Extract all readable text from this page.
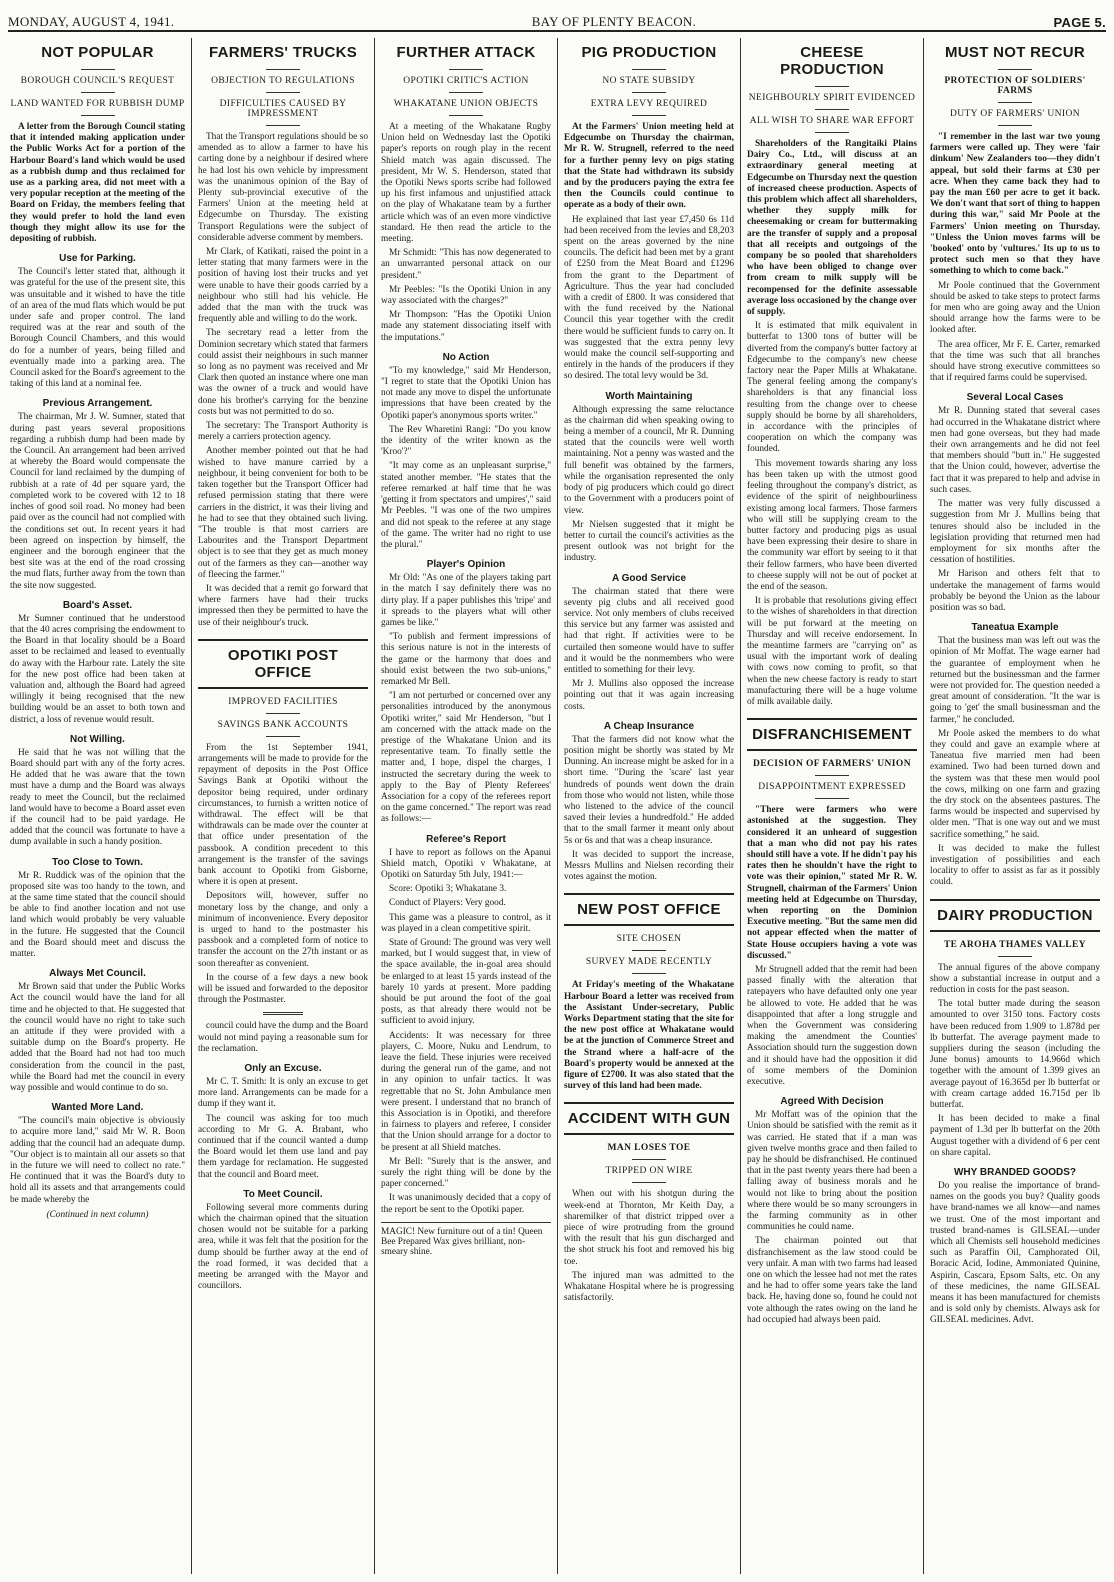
MONDAY, AUGUST 4, 1941.	BAY OF PLENTY BEACON.	PAGE 5.
NOT POPULAR
BOROUGH COUNCIL'S REQUEST
LAND WANTED FOR RUBBISH DUMP

A letter from the Borough Council stating that it intended making application under the Public Works Act for a portion of the Harbour Board's land which would be used as a rubbish dump and thus reclaimed for use as a parking area, did not meet with a very popular reception at the meeting of the Board on Friday, the members feeling that they would prefer to hold the land even though they might allow its use for the depositing of rubbish.

Use for Parking.

The Council's letter stated that, although it was grateful for the use of the present site, this was unsuitable and it wished to have the title of an area of the mud flats which would be put under safe and proper control. The land required was at the rear and south of the Borough Council Chambers, and this would do for a number of years, being filled and eventually made into a parking area. The Council asked for the Board's agreement to the taking of this land at a nominal fee.

Previous Arrangement.

The chairman, Mr J. W. Sumner, stated that during past years several propositions regarding a rubbish dump had been made by the Council. An arrangement had been arrived at whereby the Board would compensate the Council for land reclaimed by the dumping of rubbish at a rate of 4d per square yard, the completed work to be covered with 12 to 18 inches of good soil road. No money had been paid over as the council had not complied with the conditions set out. In recent years it had been agreed on inspection by himself, the engineer and the borough engineer that the best site was at the end of the road crossing the mud flats, further away from the town than the site now suggested.

Board's Asset.

Mr Sumner continued that he understood that the 40 acres comprising the endowment to the Board in that locality should be a Board asset to be reclaimed and leased to eventually do away with the Harbour rate. Lately the site for the new post office had been taken at valuation and, although the Board had agreed willingly it being recognised that the new building would be an asset to both town and district, a loss of revenue would result.

Not Willing.

He said that he was not willing that the Board should part with any of the forty acres. He added that he was aware that the town must have a dump and the Board was always ready to meet the Council, but the reclaimed land would have to become a Board asset even if the council had to be paid yardage. He added that the council was fortunate to have a dump available in such a handy position.

Too Close to Town.

Mr R. Ruddick was of the opinion that the proposed site was too handy to the town, and at the same time stated that the council should be able to find another location and not use land which would probably be very valuable in the future. He suggested that the Council and the Board should meet and discuss the matter.

Always Met Council.

Mr Brown said that under the Public Works Act the council would have the land for all time and he objected to that. He suggested that the council would have no right to take such an attitude if they were provided with a suitable dump on the Board's property. He added that the Board had not had too much consideration from the council in the past, while the Board had met the council in every way possible and would continue to do so.

Wanted More Land.

"The council's main objective is obviously to acquire more land," said Mr W. R. Boon adding that the council had an adequate dump. "Our object is to maintain all our assets so that in the future we will need to collect no rate." He continued that it was the Board's duty to hold all its assets and that arrangements could be made whereby the

(Continued in next column)
FARMERS' TRUCKS
OBJECTION TO REGULATIONS
DIFFICULTIES CAUSED BY IMPRESSMENT

That the Transport regulations should be so amended as to allow a farmer to have his carting done by a neighbour if desired where he had lost his own vehicle by impressment was the unanimous opinion of the Bay of Plenty sub-provincial executive of the Farmers' Union at the meeting held at Edgecumbe on Thursday. The existing Transport Regulations were the subject of considerable adverse comment by members.

Mr Clark, of Katikati, raised the point in a letter stating that many farmers were in the position of having lost their trucks and yet were unable to have their goods carried by a neighbour who still had his vehicle. He added that the man with the truck was frequently able and willing to do the work.

The secretary read a letter from the Dominion secretary which stated that farmers could assist their neighbours in such manner so long as no payment was received and Mr Clark then quoted an instance where one man was the owner of a truck and would have done his brother's carrying for the benzine costs but was not permitted to do so.

The secretary: The Transport Authority is merely a carriers protection agency.

Another member pointed out that he had wished to have manure carried by a neighbour, it being convenient for both to be taken together but the Transport Officer had refused permission stating that there were carriers in the district, it was their living and he had to see that they obtained such living. "The trouble is that most carriers are Labourites and the Transport Department object is to see that they get as much money out of the farmers as they can—another way of fleecing the farmer."

It was decided that a remit go forward that where farmers have had their trucks impressed then they be permitted to have the use of their neighbour's truck.

OPOTIKI POST OFFICE
IMPROVED FACILITIES
SAVINGS BANK ACCOUNTS

From the 1st September 1941, arrangements will be made to provide for the repayment of deposits in the Post Office Savings Bank at Opotiki without the depositor being required, under ordinary circumstances, to furnish a written notice of withdrawal. The effect will be that withdrawals can be made over the counter at that office under presentation of the passbook. A condition precedent to this arrangement is the transfer of the savings bank account to Opotiki from Gisborne, where it is open at present.

Depositors will, however, suffer no monetary loss by the change, and only a minimum of inconvenience. Every depositor is urged to hand to the postmaster his passbook and a completed form of notice to transfer the account on the 27th instant or as soon thereafter as convenient.

In the course of a few days a new book will be issued and forwarded to the depositor through the Postmaster.

council could have the dump and the Board would not mind paying a reasonable sum for the reclamation.

Only an Excuse.

Mr C. T. Smith: It is only an excuse to get more land. Arrangements can be made for a dump if they want it.

The council was asking for too much according to Mr G. A. Brabant, who continued that if the council wanted a dump the Board would let them use land and pay them yardage for reclamation. He suggested that the council and Board meet.

To Meet Council.

Following several more comments during which the chairman opined that the situation chosen would not be suitable for a parking area, while it was felt that the position for the dump should be further away at the end of the road formed, it was decided that a meeting be arranged with the Mayor and councillors.

FURTHER ATTACK
OPOTIKI CRITIC'S ACTION
WHAKATANE UNION OBJECTS

At a meeting of the Whakatane Rugby Union held on Wednesday last the Opotiki paper's reports on rough play in the recent Shield match was again discussed. The president, Mr W. S. Henderson, stated that the Opotiki News sports scribe had followed up his first infamous and unjustified attack on the play of Whakatane team by a further article which was of an even more vindictive standard. He then read the article to the meeting.

Mr Schmidt: "This has now degenerated to an unwarranted personal attack on our president."

Mr Peebles: "Is the Opotiki Union in any way associated with the charges?"

Mr Thompson: "Has the Opotiki Union made any statement dissociating itself with the imputations."

No Action

"To my knowledge," said Mr Henderson, "I regret to state that the Opotiki Union has not made any move to dispel the unfortunate impressions that have been created by the Opotiki paper's anonymous sports writer."

The Rev Wharetini Rangi: "Do you know the identity of the writer known as the 'Kroo'?"

"It may come as an unpleasant surprise," stated another member. "He states that the referee remarked at half time that he was 'getting it from spectators and umpires'," said Mr Peebles. "I was one of the two umpires and did not speak to the referee at any stage of the game. The writer had no right to use the plural."

Player's Opinion

Mr Old: "As one of the players taking part in the match I say definitely there was no dirty play. If a paper publishes this 'tripe' and it spreads to the players what will other games be like."

"To publish and ferment impressions of this serious nature is not in the interests of the game or the harmony that does and should exist between the two sub-unions," remarked Mr Bell.

"I am not perturbed or concerned over any personalities introduced by the anonymous Opotiki writer," said Mr Henderson, "but I am concerned with the attack made on the prestige of the Whakatane Union and its representative team. To finally settle the matter and, I hope, dispel the charges, I instructed the secretary during the week to apply to the Bay of Plenty Referees' Association for a copy of the referees report on the game concerned." The report was read as follows:—

Referee's Report

I have to report as follows on the Apanui Shield match, Opotiki v Whakatane, at Opotiki on Saturday 5th July, 1941:—

Score: Opotiki 3; Whakatane 3.

Conduct of Players: Very good.

This game was a pleasure to control, as it was played in a clean competitive spirit.

State of Ground: The ground was very well marked, but I would suggest that, in view of the space available, the in-goal area should be enlarged to at least 15 yards instead of the barely 10 yards at present. More padding should be put around the foot of the goal posts, as that already there would not be sufficient to avoid injury.

Accidents: It was necessary for three players, C. Moore, Nuku and Lendrum, to leave the field. These injuries were received during the general run of the game, and not in any opinion to unfair tactics. It was regrettable that no St. John Ambulance men were present. I understand that no branch of this Association is in Opotiki, and therefore in fairness to players and referee, I consider that the Union should arrange for a doctor to be present at all Shield matches.

Mr Bell: "Surely that is the answer, and surely the right thing will be done by the paper concerned."

It was unanimously decided that a copy of the report be sent to the Opotiki paper.

MAGIC! New furniture out of a tin! Queen Bee Prepared Wax gives brilliant, non-smeary shine.
PIG PRODUCTION
NO STATE SUBSIDY
EXTRA LEVY REQUIRED

At the Farmers' Union meeting held at Edgecumbe on Thursday the chairman, Mr R. W. Strugnell, referred to the need for a further penny levy on pigs stating that the State had withdrawn its subsidy and by the producers paying the extra fee then the Councils could continue to operate as a body of their own.

He explained that last year £7,450 6s 11d had been received from the levies and £8,203 spent on the areas governed by the nine councils. The deficit had been met by a grant of £250 from the Meat Board and £1296 from the grant to the Department of Agriculture. Thus the year had concluded with a credit of £800. It was considered that with the fund received by the National Council this year together with the credit there would be sufficient funds to carry on. It was suggested that the extra penny levy would make the council self-supporting and entirely in the hands of the producers if they so desired. The total levy would be 3d.

Worth Maintaining

Although expressing the same reluctance as the chairman did when speaking owing to being a member of a council, Mr R. Dunning stated that the councils were well worth maintaining. Not a penny was wasted and the full benefit was obtained by the farmers, while the organisation represented the only body of pig producers which could go direct to the Government with a producers point of view.

Mr Nielsen suggested that it might be better to curtail the council's activities as the present outlook was not bright for the industry.

A Good Service

The chairman stated that there were seventy pig clubs and all received good service. Not only members of clubs received this service but any farmer was assisted and had that right. If activities were to be curtailed then someone would have to suffer and it would be the nonmembers who were entitled to something for their levy.

Mr J. Mullins also opposed the increase pointing out that it was again increasing costs.

A Cheap Insurance

That the farmers did not know what the position might be shortly was stated by Mr Dunning. An increase might be asked for in a short time. "During the 'scare' last year hundreds of pounds went down the drain from those who would not listen, while those who listened to the advice of the council saved their levies a hundredfold." He added that to the small farmer it meant only about 5s or 6s and that was a cheap insurance.

It was decided to support the increase, Messrs Mullins and Nielsen recording their votes against the motion.

NEW POST OFFICE
SITE CHOSEN
SURVEY MADE RECENTLY

At Friday's meeting of the Whakatane Harbour Board a letter was received from the Assistant Under-secretary, Public Works Department stating that the site for the new post office at Whakatane would be at the junction of Commerce Street and the Strand where a half-acre of the Board's property would be annexed at the figure of £2700. It was also stated that the survey of this land had been made.

ACCIDENT WITH GUN
MAN LOSES TOE
TRIPPED ON WIRE

When out with his shotgun during the week-end at Thornton, Mr Keith Day, a sharemilker of that district tripped over a piece of wire protruding from the ground with the result that his gun discharged and the shot struck his foot and removed his big toe.

The injured man was admitted to the Whakatane Hospital where he is progressing satisfactorily.

CHEESE PRODUCTION
NEIGHBOURLY SPIRIT EVIDENCED
ALL WISH TO SHARE WAR EFFORT

Shareholders of the Rangitaiki Plains Dairy Co., Ltd., will discuss at an extraordinary general meeting at Edgecumbe on Thursday next the question of increased cheese production. Aspects of this problem which affect all shareholders, whether they supply milk for cheesemaking or cream for buttermaking are the transfer of supply and a proposal that all receipts and outgoings of the company be so pooled that shareholders who have been obliged to change over from cream to milk supply will be recompensed for the definite assessable average loss occasioned by the change over of supply.

It is estimated that milk equivalent in butterfat to 1300 tons of butter will be diverted from the company's butter factory at Edgecumbe to the company's new cheese factory near the Paper Mills at Whakatane. The general feeling among the company's shareholders is that any financial loss resulting from the change over to cheese supply should be borne by all shareholders, in accordance with the principles of cooperation on which the company was founded.

This movement towards sharing any loss has been taken up with the utmost good feeling throughout the company's district, as evidence of the spirit of neighbourliness existing among local farmers. Those farmers who will still be supplying cream to the butter factory and producing pigs as usual have been expressing their desire to share in the community war effort by seeing to it that their fellow farmers, who have been diverted to cheese supply will not be out of pocket at the end of the season.

It is probable that resolutions giving effect to the wishes of shareholders in that direction will be put forward at the meeting on Thursday and will receive endorsement. In the meantime farmers are "carrying on" as usual with the important work of dealing with cows now coming to profit, so that when the new cheese factory is ready to start manufacturing there will be a huge volume of milk available daily.

DISFRANCHISEMENT
DECISION OF FARMERS' UNION
DISAPPOINTMENT EXPRESSED

"There were farmers who were astonished at the suggestion. They considered it an unheard of suggestion that a man who did not pay his rates should still have a vote. If he didn't pay his rates then he shouldn't have the right to vote was their opinion," stated Mr R. W. Strugnell, chairman of the Farmers' Union meeting held at Edgecumbe on Thursday, when reporting on the Dominion Executive meeting. "But the same men did not appear effected when the matter of State House occupiers having a vote was discussed."

Mr Strugnell added that the remit had been passed finally with the alteration that ratepayers who have defaulted only one year be allowed to vote. He added that he was disappointed that after a long struggle and when the Government was considering making the amendment the Counties' Association should turn the suggestion down and it should have had the opposition it did of some members of the Dominion executive.

Agreed With Decision

Mr Moffatt was of the opinion that the Union should be satisfied with the remit as it was carried. He stated that if a man was given twelve months grace and then failed to pay he should be disfranchised. He continued that in the past twenty years there had been a falling away of business morals and he would not like to bring about the position where there would be so many scroungers in the farming community as in other communities he could name.

The chairman pointed out that disfranchisement as the law stood could be very unfair. A man with two farms had leased one on which the lessee had not met the rates and he had to offer some years take the land back. He, having done so, found he could not vote although the rates owing on the land he had occupied had always been paid.

MUST NOT RECUR
PROTECTION OF SOLDIERS' FARMS
DUTY OF FARMERS' UNION

"I remember in the last war two young farmers were called up. They were 'fair dinkum' New Zealanders too—they didn't appeal, but sold their farms at £30 per acre. When they came back they had to pay the man £60 per acre to get it back. We don't want that sort of thing to happen during this war," said Mr Poole at the Farmers' Union meeting on Thursday. "Unless the Union moves farms will be 'booked' onto by 'vultures.' Its up to us to protect such men so that they have something to which to come back."

Mr Poole continued that the Government should be asked to take steps to protect farms for men who are going away and the Union should arrange how the farms were to be looked after.

The area officer, Mr F. E. Carter, remarked that the time was such that all branches should have strong executive committees so that if required farms could be supervised.

Several Local Cases

Mr R. Dunning stated that several cases had occurred in the Whakatane district where men had gone overseas, but they had made their own arrangements and he did not feel that members should "butt in." He suggested that the Union could, however, advertise the fact that it was prepared to help and advise in such cases.

The matter was very fully discussed a suggestion from Mr J. Mullins being that tenures should also be included in the legislation providing that returned men had employment for six months after the cessation of hostilities.

Mr Harison and others felt that to undertake the management of farms would probably be beyond the Union as the labour position was so bad.

Taneatua Example

That the business man was left out was the opinion of Mr Moffat. The wage earner had the guarantee of employment when he returned but the businessman and the farmer were not provided for. The question needed a great amount of consideration. "It the war is going to 'get' the small businessman and the farmer," he concluded.

Mr Poole asked the members to do what they could and gave an example where at Taneatua five married men had been examined. Two had been turned down and the system was that these men would pool the cows, milking on one farm and grazing the dry stock on the absentees pastures. The farms would be inspected and supervised by older men. "That is one way out and we must sacrifice something," he said.

It was decided to make the fullest investigation of possibilities and each locality to offer to assist as far as it possibly could.

DAIRY PRODUCTION
TE AROHA THAMES VALLEY

The annual figures of the above company show a substantial increase in output and a reduction in costs for the past season.

The total butter made during the season amounted to over 3150 tons. Factory costs have been reduced from 1.909 to 1.878d per lb butterfat. The average payment made to suppliers during the season (including the June bonus) amounts to 14.966d which together with the amount of 1.399 gives an average payout of 16.365d per lb butterfat or with cream cartage added 16.715d per lb butterfat.

It has been decided to make a final payment of 1.3d per lb butterfat on the 20th August together with a dividend of 6 per cent on share capital.

WHY BRANDED GOODS?

Do you realise the importance of brand-names on the goods you buy? Quality goods have brand-names we all know—and names we trust. One of the most important and trusted brand-names is GILSEAL—under which all Chemists sell household medicines such as Paraffin Oil, Camphorated Oil, Boracic Acid, Iodine, Ammoniated Quinine, Aspirin, Cascara, Epsom Salts, etc. On any of these medicines, the name GILSEAL means it has been manufactured for chemists and is sold only by chemists. Always ask for GILSEAL medicines. Advt.
